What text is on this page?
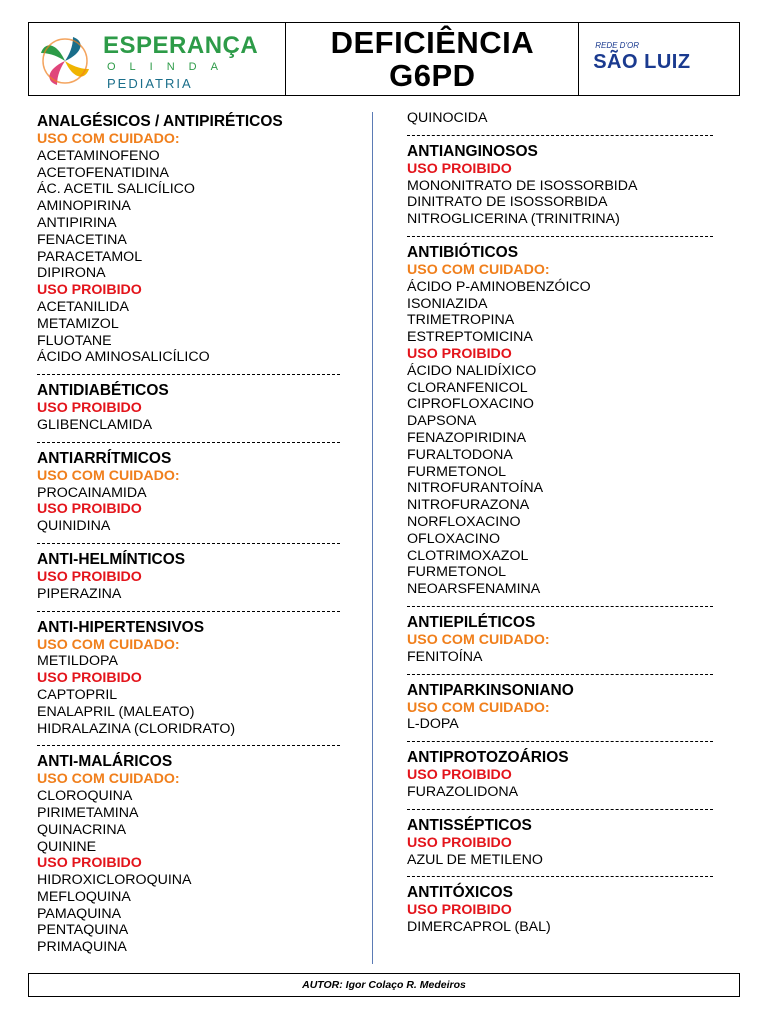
ESPERANÇA
OLINDA
PEDIATRIA
DEFICIÊNCIA
G6PD
REDE D'OR
SÃO LUIZ
ANALGÉSICOS / ANTIPIRÉTICOS
USO COM CUIDADO:
ACETAMINOFENO
ACETOFENATIDINA
ÁC. ACETIL SALICÍLICO
AMINOPIRINA
ANTIPIRINA
FENACETINA
PARACETAMOL
DIPIRONA
USO PROIBIDO
ACETANILIDA
METAMIZOL
FLUOTANE
ÁCIDO AMINOSALICÍLICO
ANTIDIABÉTICOS
USO PROIBIDO
GLIBENCLAMIDA
ANTIARRÍTMICOS
USO COM CUIDADO:
PROCAINAMIDA
USO PROIBIDO
QUINIDINA
ANTI-HELMÍNTICOS
USO PROIBIDO
PIPERAZINA
ANTI-HIPERTENSIVOS
USO COM CUIDADO:
METILDOPA
USO PROIBIDO
CAPTOPRIL
ENALAPRIL (MALEATO)
HIDRALAZINA (CLORIDRATO)
ANTI-MALÁRICOS
USO COM CUIDADO:
CLOROQUINA
PIRIMETAMINA
QUINACRINA
QUININE
USO PROIBIDO
HIDROXICLOROQUINA
MEFLOQUINA
PAMAQUINA
PENTAQUINA
PRIMAQUINA
QUINOCIDA
ANTIANGINOSOS
USO PROIBIDO
MONONITRATO DE ISOSSORBIDA
DINITRATO DE ISOSSORBIDA
NITROGLICERINA (TRINITRINA)
ANTIBIÓTICOS
USO COM CUIDADO:
ÁCIDO P-AMINOBENZÓICO
ISONIAZIDA
TRIMETROPINA
ESTREPTOMICINA
USO PROIBIDO
ÁCIDO NALIDÍXICO
CLORANFENICOL
CIPROFLOXACINO
DAPSONA
FENAZOPIRIDINA
FURALTODONA
FURMETONOL
NITROFURANTOÍNA
NITROFURAZONA
NORFLOXACINO
OFLOXACINO
CLOTRIMOXAZOL
FURMETONOL
NEOARSFENAMINA
ANTIEPILÉTICOS
USO COM CUIDADO:
FENITOÍNA
ANTIPARKINSONIANO
USO COM CUIDADO:
L-DOPA
ANTIPROTOZOÁRIOS
USO PROIBIDO
FURAZOLIDONA
ANTISSÉPTICOS
USO PROIBIDO
AZUL DE METILENO
ANTITÓXICOS
USO PROIBIDO
DIMERCAPROL (BAL)
AUTOR: Igor Colaço R. Medeiros
